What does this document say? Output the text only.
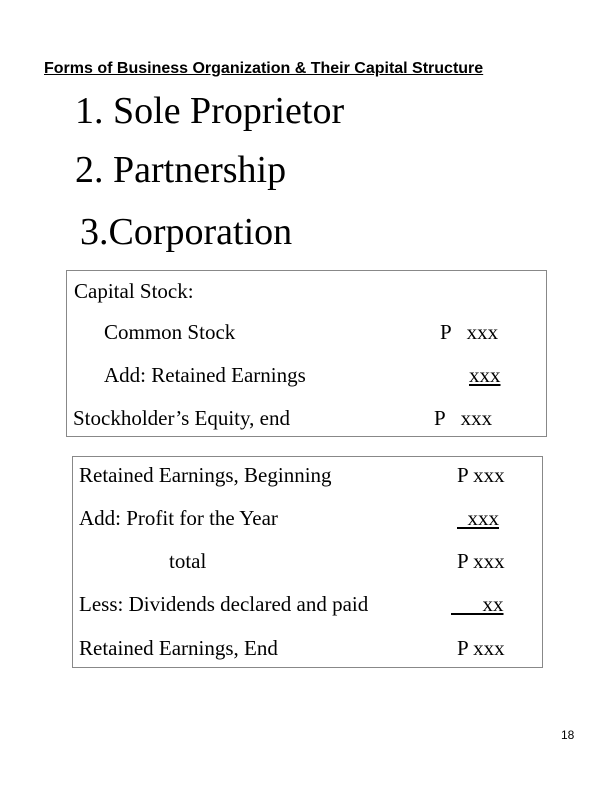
Forms of Business Organization & Their Capital Structure
1. Sole Proprietor
2. Partnership
3.Corporation
Capital Stock:
Common Stock	P   xxx
Add: Retained Earnings	xxx
Stockholder’s Equity, end	P   xxx
Retained Earnings, Beginning	P xxx
Add: Profit for the Year	xxx
total	P xxx
Less: Dividends declared and paid	xx
Retained Earnings, End	P xxx
18
